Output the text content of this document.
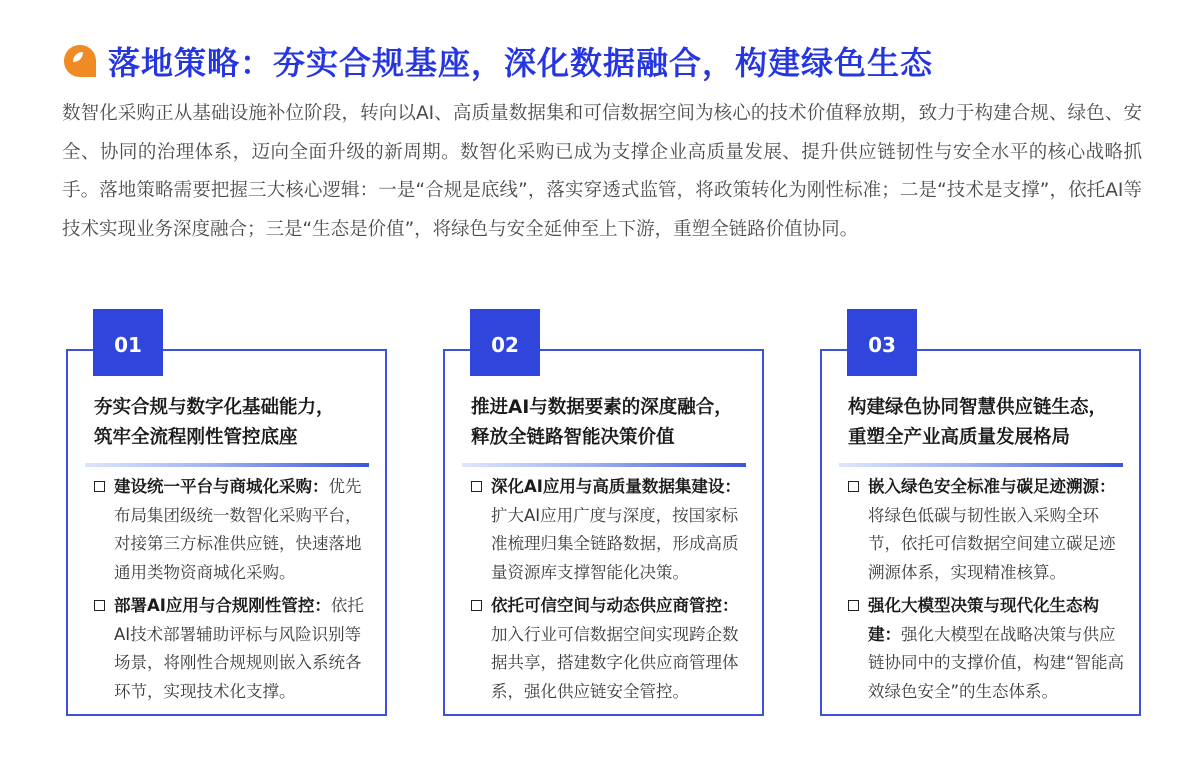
落地策略：夯实合规基座，深化数据融合，构建绿色生态

数智化采购正从基础设施补位阶段，转向以AI、高质量数据集和可信数据空间为核心的技术价值释放期，致力于构建合规、绿色、安全、协同的治理体系，迈向全面升级的新周期。数智化采购已成为支撑企业高质量发展、提升供应链韧性与安全水平的核心战略抓手。落地策略需要把握三大核心逻辑：一是“合规是底线”，落实穿透式监管，将政策转化为刚性标准；二是“技术是支撑”，依托AI等技术实现业务深度融合；三是“生态是价值”，将绿色与安全延伸至上下游，重塑全链路价值协同。

01
夯实合规与数字化基础能力，
筑牢全流程刚性管控底座
建设统一平台与商城化采购：优先布局集团级统一数智化采购平台，对接第三方标准供应链，快速落地通用类物资商城化采购。
部署AI应用与合规刚性管控：依托AI技术部署辅助评标与风险识别等场景，将刚性合规规则嵌入系统各环节，实现技术化支撑。
02
推进AI与数据要素的深度融合，
释放全链路智能决策价值
深化AI应用与高质量数据集建设：扩大AI应用广度与深度，按国家标准梳理归集全链路数据，形成高质量资源库支撑智能化决策。
依托可信空间与动态供应商管控：加入行业可信数据空间实现跨企数据共享，搭建数字化供应商管理体系，强化供应链安全管控。
03
构建绿色协同智慧供应链生态，
重塑全产业高质量发展格局
嵌入绿色安全标准与碳足迹溯源：将绿色低碳与韧性嵌入采购全环节，依托可信数据空间建立碳足迹溯源体系，实现精准核算。
强化大模型决策与现代化生态构建：强化大模型在战略决策与供应链协同中的支撑价值，构建“智能高效绿色安全”的生态体系。
